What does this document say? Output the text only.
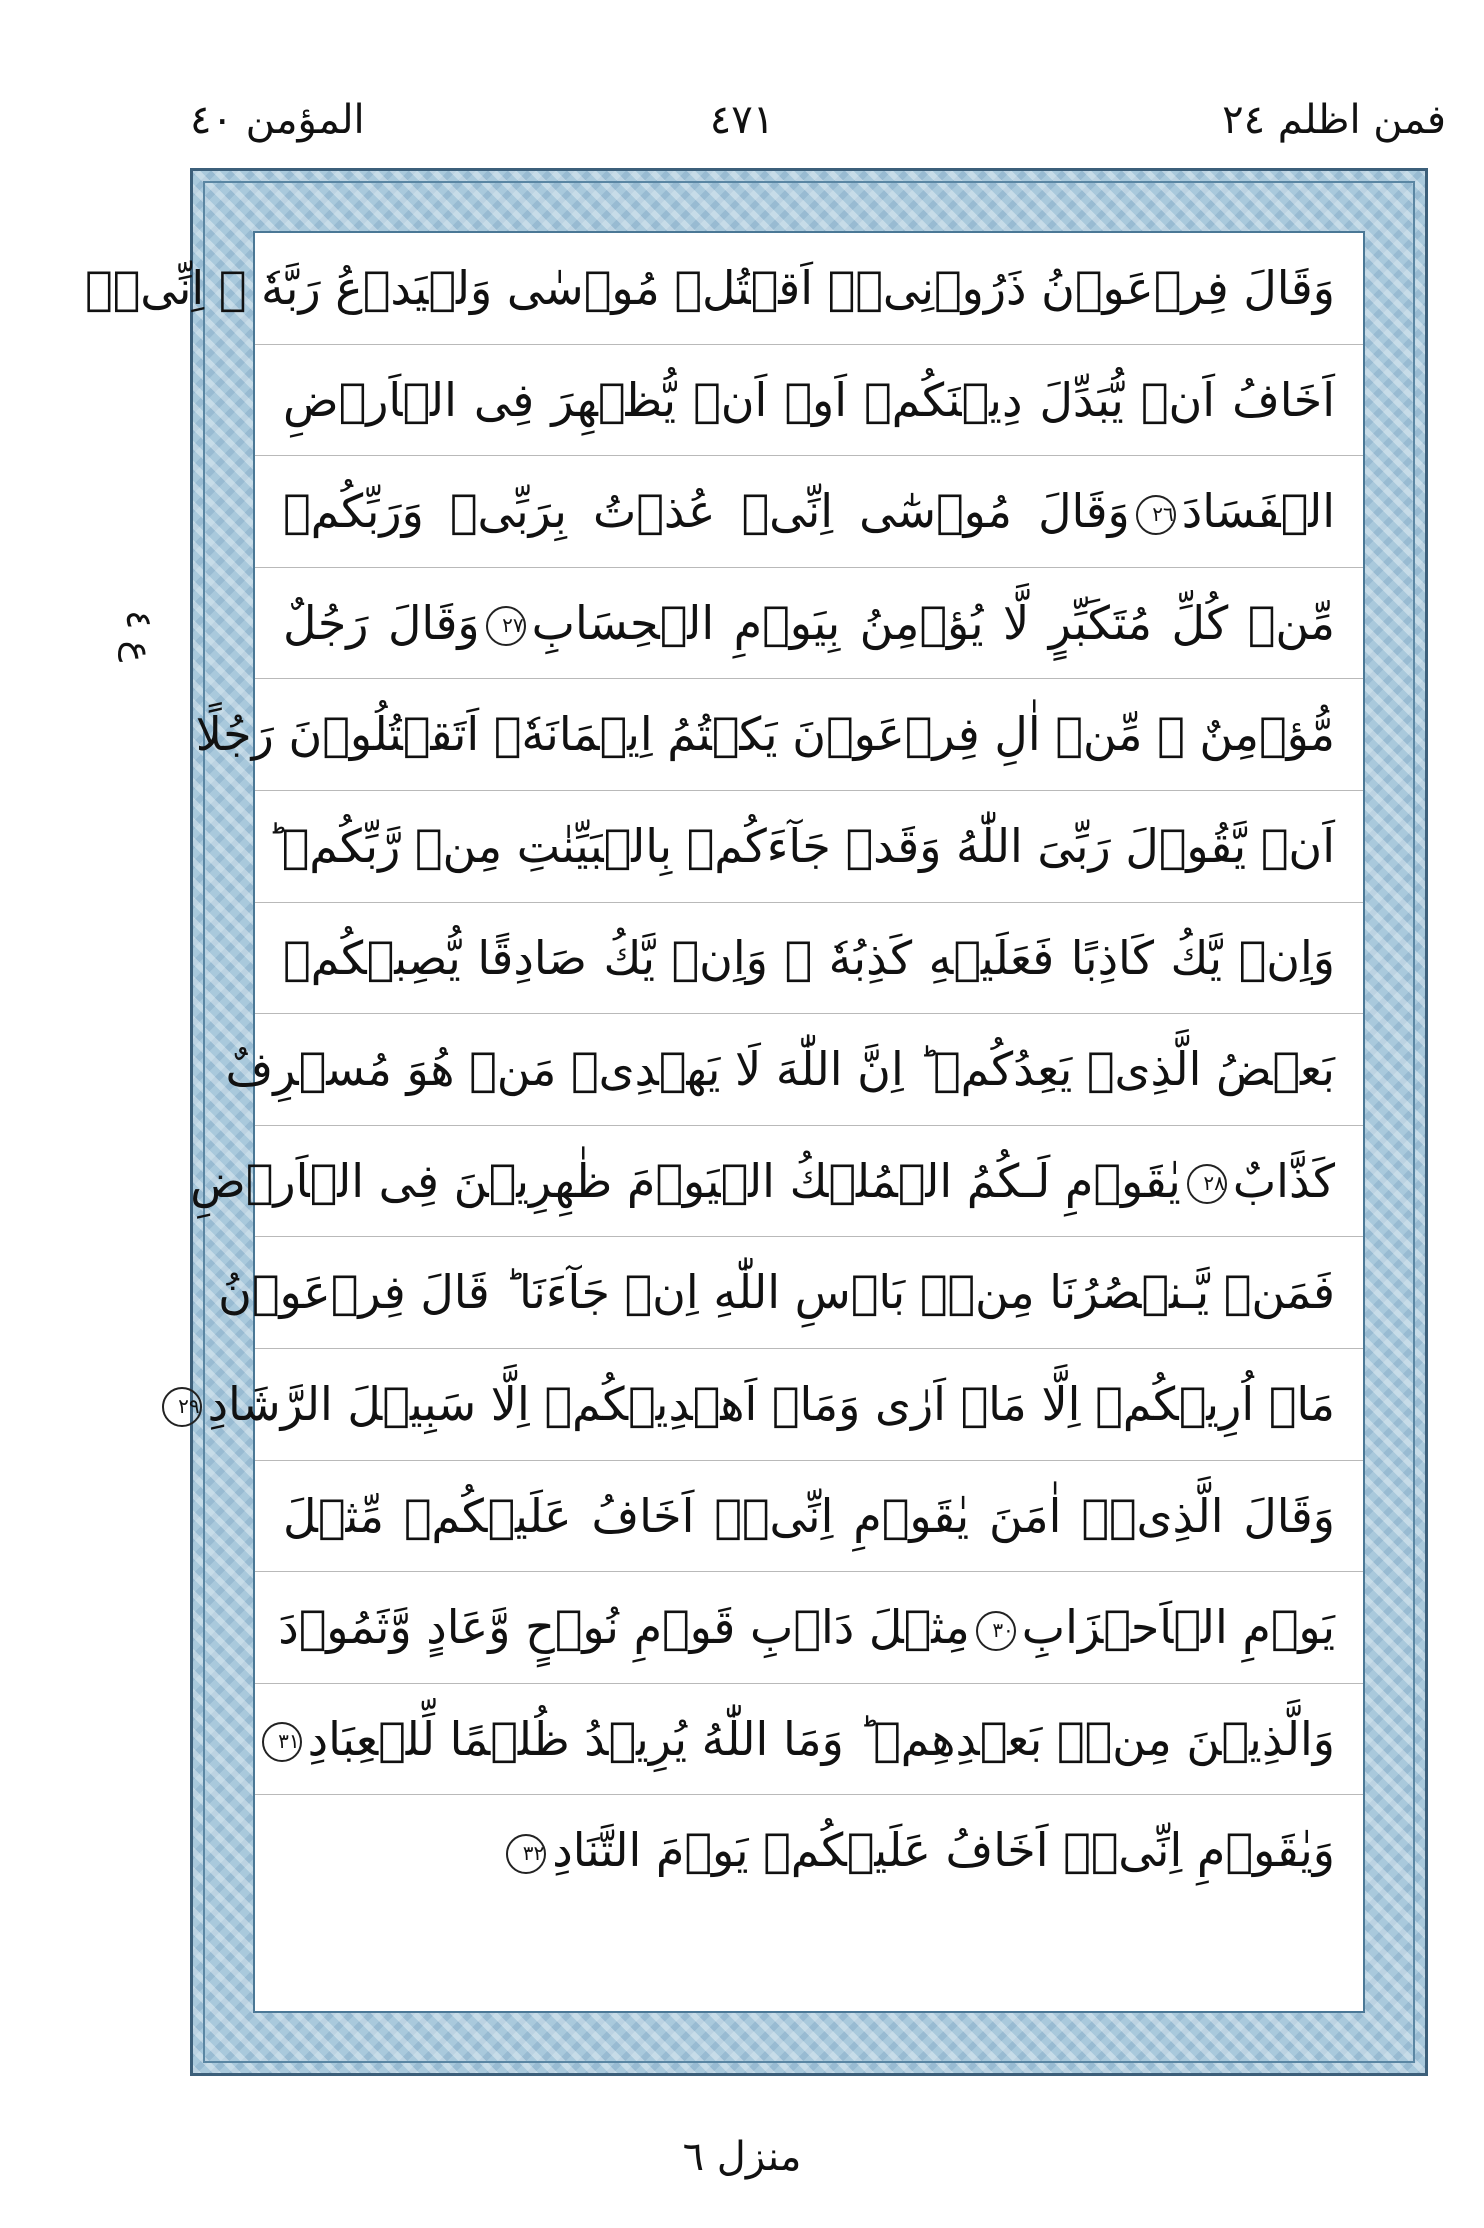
فمن اظلم ٢٤
٤٧١
المؤمن ٤٠
ع ٤
وَقَالَ فِرۡعَوۡنُ ذَرُوۡنِىۡۤ اَقۡتُلۡ مُوۡسٰى وَلۡيَدۡعُ رَبَّهٗ‌ ۚ اِنِّىۡۤ
اَخَافُ اَنۡ يُّبَدِّلَ دِيۡنَكُمۡ اَوۡ اَنۡ يُّظۡهِرَ فِى الۡاَرۡضِ
الۡفَسَادَ٢٦وَقَالَ مُوۡسٰٓى اِنِّىۡ عُذۡتُ بِرَبِّىۡ وَرَبِّكُمۡ
مِّنۡ كُلِّ مُتَكَبِّرٍ لَّا يُؤۡمِنُ بِيَوۡمِ الۡحِسَابِ٢٧وَقَالَ رَجُلٌ
مُّؤۡمِنٌ ۖ مِّنۡ اٰلِ فِرۡعَوۡنَ يَكۡتُمُ اِيۡمَانَهٗۤ اَتَقۡتُلُوۡنَ رَجُلًا
اَنۡ يَّقُوۡلَ رَبِّىَ اللّٰهُ وَقَدۡ جَآءَكُمۡ بِالۡبَيِّنٰتِ مِنۡ رَّبِّكُمۡ‌ ؕ
وَاِنۡ يَّكُ كَاذِبًا فَعَلَيۡهِ كَذِبُهٗ‌ ۚ وَاِنۡ يَّكُ صَادِقًا يُّصِبۡكُمۡ
بَعۡضُ الَّذِىۡ يَعِدُكُمۡ‌ ؕ اِنَّ اللّٰهَ لَا يَهۡدِىۡ مَنۡ هُوَ مُسۡرِفٌ
كَذَّابٌ٢٨يٰقَوۡمِ لَـكُمُ الۡمُلۡكُ الۡيَوۡمَ ظٰهِرِيۡنَ فِى الۡاَرۡضِ
فَمَنۡ يَّـنۡصُرُنَا مِنۡۢ بَاۡسِ اللّٰهِ اِنۡ جَآءَنَا‌ ؕ قَالَ فِرۡعَوۡنُ
مَاۤ اُرِيۡكُمۡ اِلَّا مَاۤ اَرٰى وَمَاۤ اَهۡدِيۡكُمۡ اِلَّا سَبِيۡلَ الرَّشَادِ٢٩
وَقَالَ الَّذِىۡۤ اٰمَنَ يٰقَوۡمِ اِنِّىۡۤ اَخَافُ عَلَيۡكُمۡ مِّثۡلَ
يَوۡمِ الۡاَحۡزَابِ٣٠مِثۡلَ دَاۡبِ قَوۡمِ نُوۡحٍ وَّعَادٍ وَّثَمُوۡدَ
وَالَّذِيۡنَ مِنۡۢ بَعۡدِهِمۡ‌ ؕ وَمَا اللّٰهُ يُرِيۡدُ ظُلۡمًا لِّلۡعِبَادِ٣١
وَيٰقَوۡمِ اِنِّىۡۤ اَخَافُ عَلَيۡكُمۡ يَوۡمَ التَّنَادِ٣٢
منزل ٦
